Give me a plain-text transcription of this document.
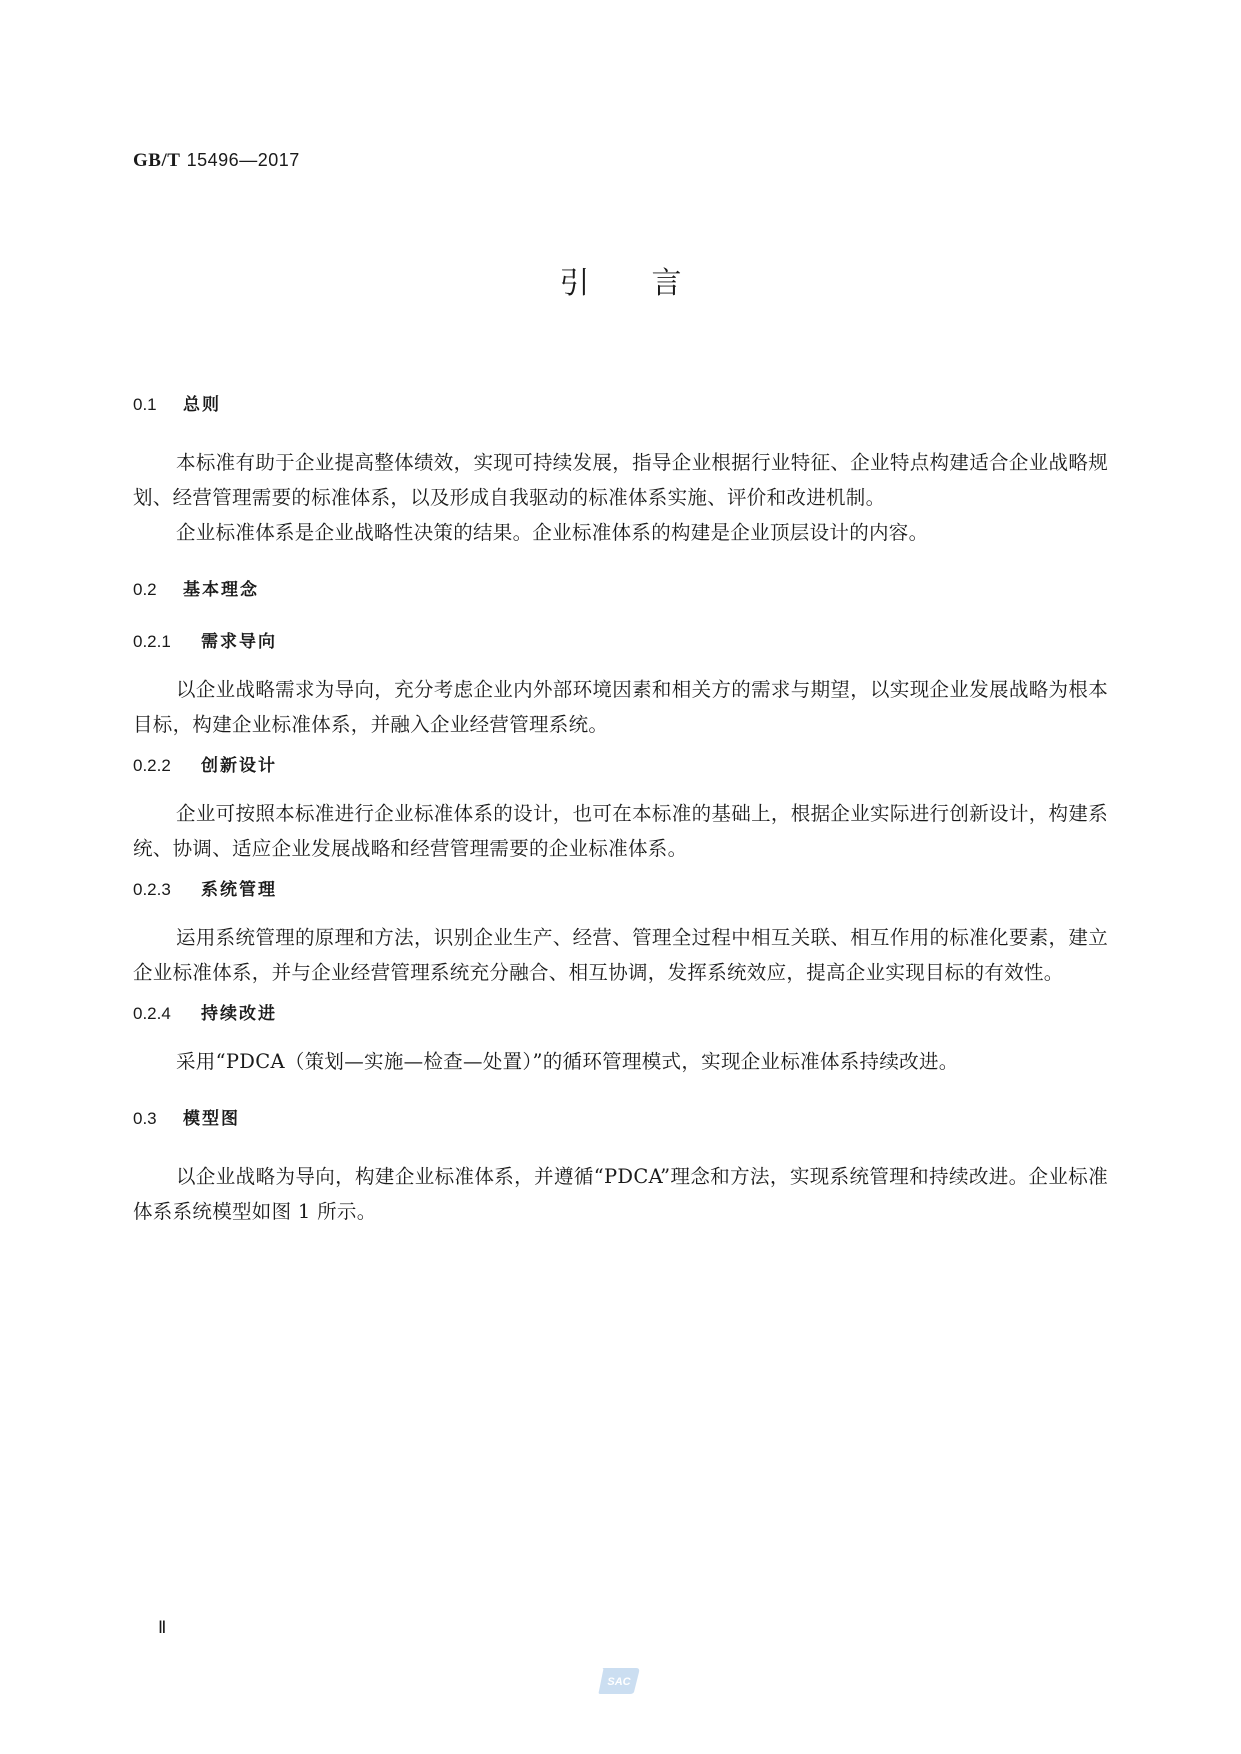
GB/T 15496—2017
引言
0.1 总则

本标准有助于企业提高整体绩效，实现可持续发展，指导企业根据行业特征、企业特点构建适合企业战略规划、经营管理需要的标准体系，以及形成自我驱动的标准体系实施、评价和改进机制。

企业标准体系是企业战略性决策的结果。企业标准体系的构建是企业顶层设计的内容。

0.2 基本理念
0.2.1 需求导向

以企业战略需求为导向，充分考虑企业内外部环境因素和相关方的需求与期望，以实现企业发展战略为根本目标，构建企业标准体系，并融入企业经营管理系统。

0.2.2 创新设计

企业可按照本标准进行企业标准体系的设计，也可在本标准的基础上，根据企业实际进行创新设计，构建系统、协调、适应企业发展战略和经营管理需要的企业标准体系。

0.2.3 系统管理

运用系统管理的原理和方法，识别企业生产、经营、管理全过程中相互关联、相互作用的标准化要素，建立企业标准体系，并与企业经营管理系统充分融合、相互协调，发挥系统效应，提高企业实现目标的有效性。

0.2.4 持续改进

采用“PDCA（策划—实施—检查—处置）”的循环管理模式，实现企业标准体系持续改进。

0.3 模型图

以企业战略为导向，构建企业标准体系，并遵循“PDCA”理念和方法，实现系统管理和持续改进。企业标准体系系统模型如图 1 所示。

Ⅱ
SAC
